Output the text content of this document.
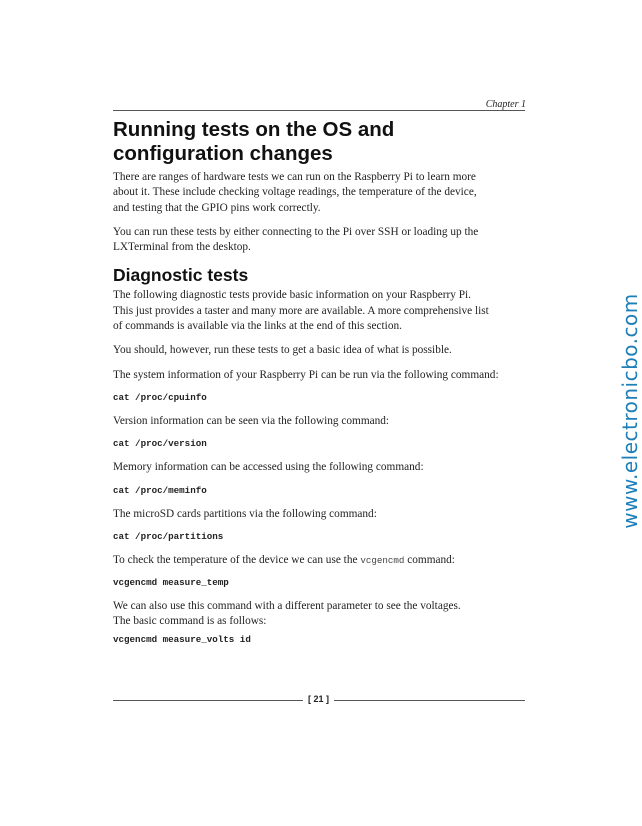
Chapter 1
Running tests on the OS and
configuration changes

There are ranges of hardware tests we can run on the Raspberry Pi to learn more
about it. These include checking voltage readings, the temperature of the device,
and testing that the GPIO pins work correctly.

You can run these tests by either connecting to the Pi over SSH or loading up the
LXTerminal from the desktop.

Diagnostic tests

The following diagnostic tests provide basic information on your Raspberry Pi.
This just provides a taster and many more are available. A more comprehensive list
of commands is available via the links at the end of this section.

You should, however, run these tests to get a basic idea of what is possible.

The system information of your Raspberry Pi can be run via the following command:

cat /proc/cpuinfo

Version information can be seen via the following command:

cat /proc/version

Memory information can be accessed using the following command:

cat /proc/meminfo

The microSD cards partitions via the following command:

cat /proc/partitions

To check the temperature of the device we can use the vcgencmd command:

vcgencmd measure_temp

We can also use this command with a different parameter to see the voltages.
The basic command is as follows:

vcgencmd measure_volts id
[ 21 ]
www.electronicbo.com
